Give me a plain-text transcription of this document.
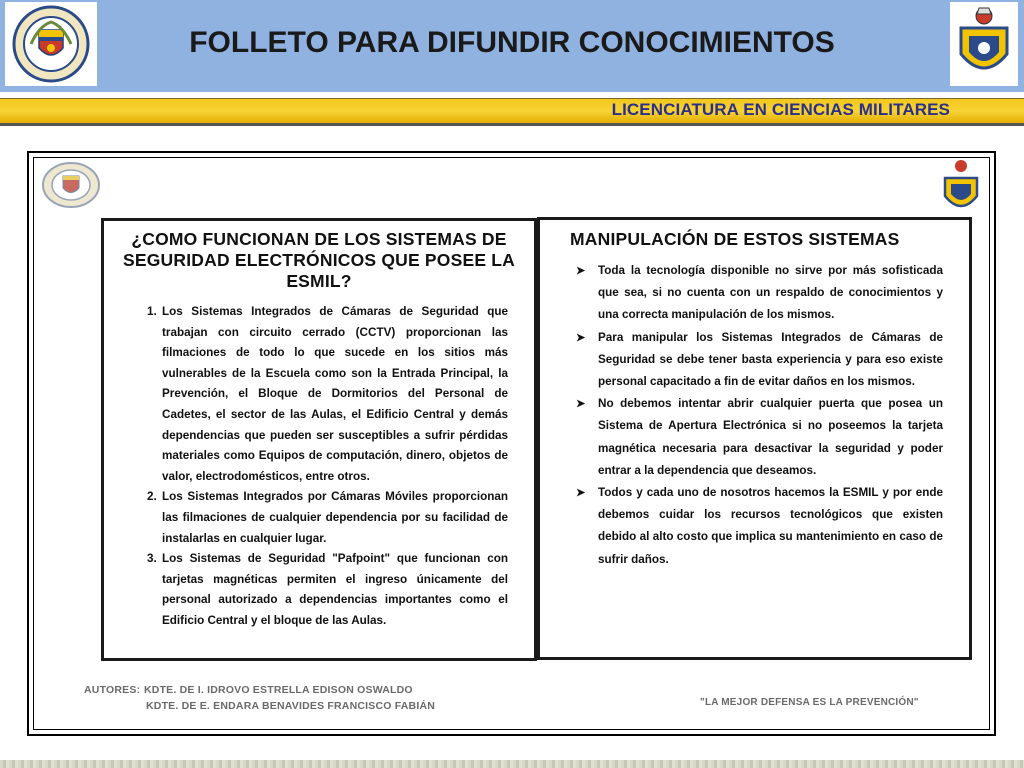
FOLLETO PARA DIFUNDIR CONOCIMIENTOS
LICENCIATURA EN CIENCIAS MILITARES
¿COMO FUNCIONAN DE LOS SISTEMAS DE SEGURIDAD ELECTRÓNICOS QUE POSEE LA ESMIL?
1. Los Sistemas Integrados de Cámaras de Seguridad que trabajan con circuito cerrado (CCTV) proporcionan las filmaciones de todo lo que sucede en los sitios más vulnerables de la Escuela como son la Entrada Principal, la Prevención, el Bloque de Dormitorios del Personal de Cadetes, el sector de las Aulas, el Edificio Central y demás dependencias que pueden ser susceptibles a sufrir pérdidas materiales como Equipos de computación, dinero, objetos de valor, electrodomésticos, entre otros.
2. Los Sistemas Integrados por Cámaras Móviles proporcionan las filmaciones de cualquier dependencia por su facilidad de instalarlas en cualquier lugar.
3. Los Sistemas de Seguridad "Pafpoint" que funcionan con tarjetas magnéticas permiten el ingreso únicamente del personal autorizado a dependencias importantes como el Edificio Central y el bloque de las Aulas.
MANIPULACIÓN DE ESTOS SISTEMAS
➤ Toda la tecnología disponible no sirve por más sofisticada que sea, si no cuenta con un respaldo de conocimientos y una correcta manipulación de los mismos.
➤ Para manipular los Sistemas Integrados de Cámaras de Seguridad se debe tener basta experiencia y para eso existe personal capacitado a fin de evitar daños en los mismos.
➤ No debemos intentar abrir cualquier puerta que posea un Sistema de Apertura Electrónica si no poseemos la tarjeta magnética necesaria para desactivar la seguridad y poder entrar a la dependencia que deseamos.
➤ Todos y cada uno de nosotros hacemos la ESMIL y por ende debemos cuidar los recursos tecnológicos que existen debido al alto costo que implica su mantenimiento en caso de sufrir daños.
AUTORES: KDTE. DE I. IDROVO ESTRELLA EDISON OSWALDO
KDTE. DE E. ENDARA BENAVIDES FRANCISCO FABIÁN	"LA MEJOR DEFENSA ES LA PREVENCIÓN"
